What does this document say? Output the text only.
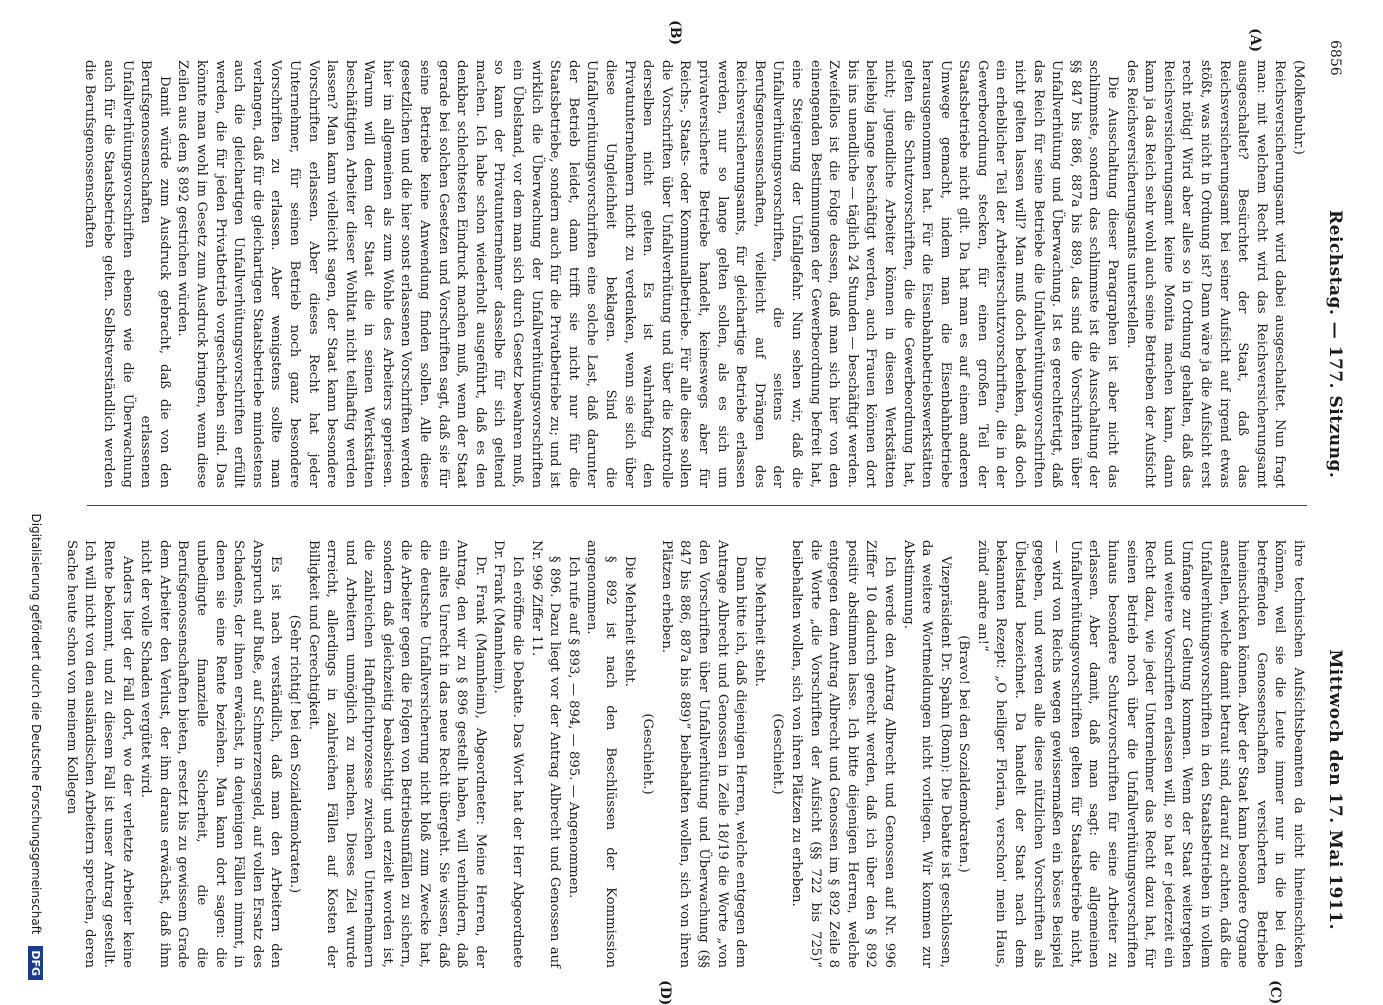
6856
Reichstag. — 177. Sitzung.
Mittwoch den 17. Mai 1911.
(A)
(B)
(C)
(D)

(Molkenbuhr.)

Reichsversicherungsamt wird dabei ausgeschaltet. Nun fragt man: mit welchem Recht wird das Reichsversicherungsamt ausgeschaltet? Besürchtet der Staat, daß das Reichsversicherungsamt bei seiner Aufsicht auf irgend etwas stößt, was nicht in Ordnung ist? Dann wäre ja die Aufsicht erst recht nötig! Wird aber alles so in Ordnung gehalten, daß das Reichsversicherungsamt keine Monita machen kann, dann kann ja das Reich sehr wohl auch seine Betrieben der Aufsicht des Reichsversicherungsamts unterstellen.

Die Ausschaltung dieser Paragraphen ist aber nicht das schlimmste, sondern das schlimmste ist die Ausschaltung der §§ 847 bis 886, 887a bis 889, das sind die Vorschriften über Unfallverhütung und Überwachung. Ist es gerechtfertigt, daß das Reich für seine Betriebe die Unfallverhütungsvorschriften nicht gelten lassen will? Man muß doch bedenken, daß doch ein erheblicher Teil der Arbeiterschutzvorschriften, die in der Gewerbeordnung stecken, für einen großen Teil der Staatsbetriebe nicht gilt. Da hat man es auf einem anderen Umwege gemacht, indem man die Eisenbahnbetriebe herausgenommen hat. Für die Eisenbahnbetriebswerkstätten gelten die Schutzvorschriften, die die Gewerbeordnung hat, nicht; jugendliche Arbeiter können in diesen Werkstätten beliebig lange beschäftigt werden, auch Frauen können dort bis ins unendliche — täglich 24 Stunden — beschäftigt werden. Zweifellos ist die Folge dessen, daß man sich hier von den einengenden Bestimmungen der Gewerbeordnung befreit hat, eine Steigerung der Unfallgefahr. Nun sehen wir, daß die Unfallverhütungsvorschriften, die seitens der Berufsgenossenschaften, vielleicht auf Drängen des Reichsversicherungsamts, für gleichartige Betriebe erlassen werden, nur so lange gelten sollen, als es sich um privatversicherte Betriebe handelt, keineswegs aber für Reichs-, Staats- oder Kommunalbetriebe. Für alle diese sollen die Vorschriften über Unfallverhütung und über die Kontrolle derselben nicht gelten. Es ist wahrhaftig den Privatunternehmern nicht zu verdenken, wenn sie sich über diese Ungleichheit beklagen. Sind die Unfallverhütungsvorschriften eine solche Last, daß darunter der Betrieb leidet, dann trifft sie nicht nur für die Staatsbetriebe, sondern auch für die Privatbetriebe zu; und ist wirklich die Überwachung der Unfallverhütungsvorschriften ein Übelstand, vor dem man sich durch Gesetz bewahren muß, so kann der Privatunternehmer dasselbe für sich geltend machen. Ich habe schon wiederholt ausgeführt, daß es den denkbar schlechtesten Eindruck machen muß, wenn der Staat gerade bei solchen Gesetzen und Vorschriften sagt, daß sie für seine Betriebe keine Anwendung finden sollen. Alle diese gesetzlichen und die hier sonst erlassenen Vorschriften werden hier im allgemeinen als zum Wohle des Arbeiters gepriesen. Warum will denn der Staat die in seinen Werkstätten beschäftigten Arbeiter dieser Wohltat nicht teilhaftig werden lassen? Man kann vielleicht sagen, der Staat kann besondere Vorschriften erlassen. Aber dieses Recht hat jeder Unternehmer, für seinen Betrieb noch ganz besondere Vorschriften zu erlassen. Aber wenigstens sollte man verlangen, daß für die gleichartigen Staatsbetriebe mindestens auch die gleichartigen Unfallverhütungsvorschriften erfüllt werden, die für jeden Privatbetrieb vorgeschrieben sind. Das könnte man wohl im Gesetz zum Ausdruck bringen, wenn diese Zeilen aus dem § 892 gestrichen würden.

Damit würde zum Ausdruck gebracht, daß die von den Berufsgenossenschaften erlassenen Unfallverhütungsvorschriften ebenso wie die Überwachung auch für die Staatsbetriebe gelten. Selbstverständlich werden die Berufsgenossenschaften

ihre technischen Aufsichtsbeamten da nicht hineinschicken können, weil sie die Leute immer nur in die bei den betreffenden Genossenschaften versicherten Betriebe hineinschicken können. Aber der Staat kann besondere Organe anstellen, welche damit betraut sind, darauf zu achten, daß die Unfallverhütungsvorschriften in den Staatsbetrieben in vollem Umfange zur Geltung kommen. Wenn der Staat weitergehen und weitere Vorschriften erlassen will, so hat er jederzeit ein Recht dazu, wie jeder Unternehmer das Recht dazu hat, für seinen Betrieb noch über die Unfallverhütungsvorschriften hinaus besondere Schutzvorschriften für seine Arbeiter zu erlassen. Aber damit, daß man sagt: die allgemeinen Unfallverhütungsvorschriften gelten für Staatsbetriebe nicht, — wird von Reichs wegen gewissermaßen ein böses Beispiel gegeben, und werden alle diese nützlichen Vorschriften als Übelstand bezeichnet. Da handelt der Staat nach dem bekannten Rezept: „O heiliger Florian, verschon' mein Haus, zünd' andre an!“

(Bravo! bei den Sozialdemokraten.)

Vizepräsident Dr. Spahn (Bonn): Die Debatte ist geschlossen, da weitere Wortmeldungen nicht vorliegen. Wir kommen zur Abstimmung.

Ich werde den Antrag Albrecht und Genossen auf Nr. 996 Ziffer 10 dadurch gerecht werden, daß ich über den § 892 positiv abstimmen lasse. Ich bitte diejenigen Herren, welche entgegen dem Antrag Albrecht und Genossen im § 892 Zeile 8 die Worte „die Vorschriften der Aufsicht (§§ 722 bis 725)“ beibehalten wollen, sich von ihren Plätzen zu erheben.

(Geschieht.)

Die Mehrheit steht.

Dann bitte ich, daß diejenigen Herren, welche entgegen dem Antrage Albrecht und Genossen in Zeile 18/19 die Worte „von den Vorschriften über Unfallverhütung und Überwachung (§§ 847 bis 886, 887a bis 889)“ beibehalten wollen, sich von ihren Plätzen erheben.

(Geschieht.)

Die Mehrheit steht.

§ 892 ist nach den Beschlüssen der Kommission angenommen.

Ich rufe auf § 893, — 894, — 895. — Angenommen.

§ 896. Dazu liegt vor der Antrag Albrecht und Genossen auf Nr. 996 Ziffer 11.

Ich eröffne die Debatte. Das Wort hat der Herr Abgeordnete Dr. Frank (Mannheim).

Dr. Frank (Mannheim), Abgeordneter: Meine Herren, der Antrag, den wir zu § 896 gestellt haben, will verhindern, daß ein altes Unrecht in das neue Recht übergeht. Sie wissen, daß die deutsche Unfallversicherung nicht bloß zum Zwecke hat, die Arbeiter gegen die Folgen von Betriebsunfällen zu sichern, sondern daß gleichzeitig beabsichtigt und erzielt worden ist, die zahlreichen Haftpflichtprozesse zwischen Unternehmern und Arbeitern unmöglich zu machen. Dieses Ziel wurde erreicht, allerdings in zahlreichen Fällen auf Kosten der Billigkeit und Gerechtigkeit.

(Sehr richtig! bei den Sozialdemokraten.)

Es ist nach verständlich, daß man den Arbeitern den Anspruch auf Buße, auf Schmerzensgeld, auf vollen Ersatz des Schadens, der ihnen erwächst, in denjenigen Fällen nimmt, in denen sie eine Rente beziehen. Man kann dort sagen: die unbedingte finanzielle Sicherheit, die die Berufsgenossenschaften bieten, ersetzt bis zu gewissem Grade dem Arbeiter den Verlust, der ihm daraus erwächst, daß ihm nicht der volle Schaden vergütet wird.

Anders liegt der Fall dort, wo der verletzte Arbeiter keine Rente bekommt, und zu diesem Fall ist unser Antrag gestellt. Ich will nicht von den ausländischen Arbeitern sprechen, deren Sache heute schon von meinem Kollegen

Digitalisierung gefördert durch die Deutsche Forschungsgemeinschaft DFG
